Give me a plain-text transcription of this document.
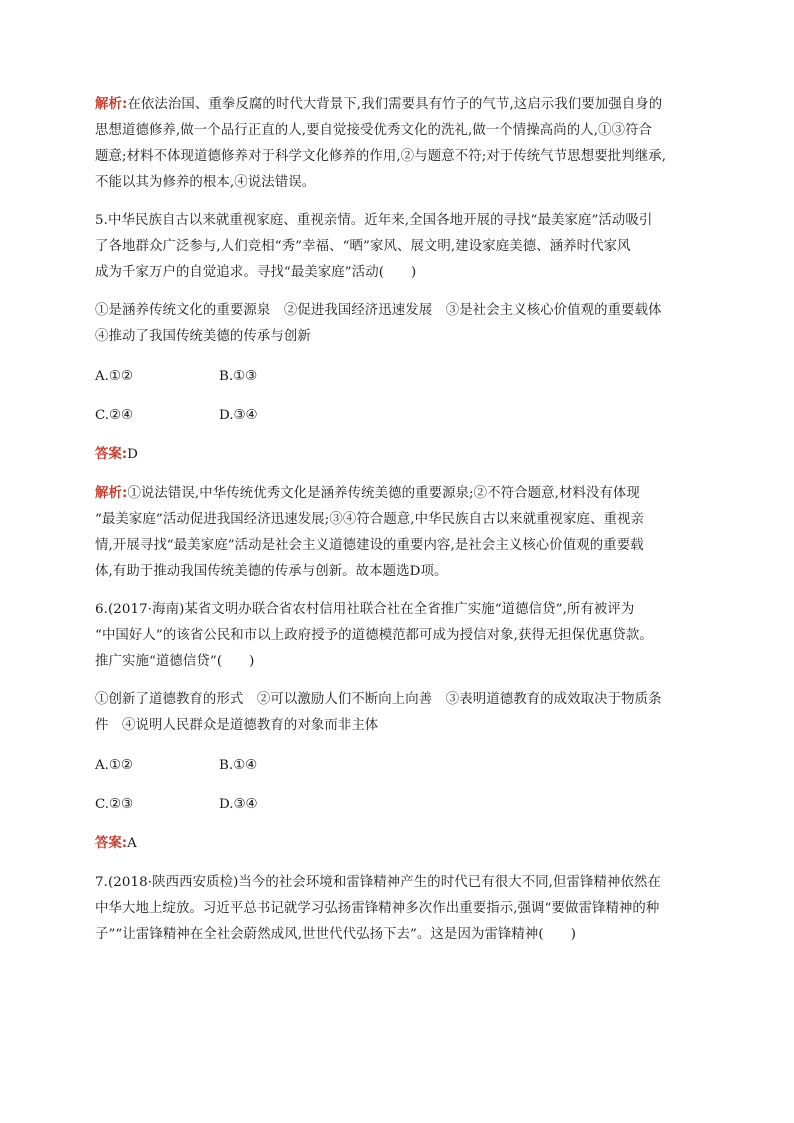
解析:在依法治国、重拳反腐的时代大背景下,我们需要具有竹子的气节,这启示我们要加强自身的

思想道德修养,做一个品行正直的人,要自觉接受优秀文化的洗礼,做一个情操高尚的人,①③符合

题意;材料不体现道德修养对于科学文化修养的作用,②与题意不符;对于传统气节思想要批判继承,

不能以其为修养的根本,④说法错误。

5.中华民族自古以来就重视家庭、重视亲情。近年来,全国各地开展的寻找“最美家庭”活动吸引

了各地群众广泛参与,人们竞相“秀”幸福、“晒”家风、展文明,建设家庭美德、涵养时代家风

成为千家万户的自觉追求。寻找“最美家庭”活动(　　)

①是涵养传统文化的重要源泉　②促进我国经济迅速发展　③是社会主义核心价值观的重要载体

④推动了我国传统美德的传承与创新

A.①②	B.①③
C.②④	D.③④

答案:D

解析:①说法错误,中华传统优秀文化是涵养传统美德的重要源泉;②不符合题意,材料没有体现

“最美家庭”活动促进我国经济迅速发展;③④符合题意,中华民族自古以来就重视家庭、重视亲

情,开展寻找“最美家庭”活动是社会主义道德建设的重要内容,是社会主义核心价值观的重要载

体,有助于推动我国传统美德的传承与创新。故本题选D项。

6.(2017·海南)某省文明办联合省农村信用社联合社在全省推广实施“道德信贷”,所有被评为

“中国好人”的该省公民和市以上政府授予的道德模范都可成为授信对象,获得无担保优惠贷款。

推广实施“道德信贷”(　　)

①创新了道德教育的形式　②可以激励人们不断向上向善　③表明道德教育的成效取决于物质条

件　④说明人民群众是道德教育的对象而非主体

A.①②	B.①④
C.②③	D.③④

答案:A

7.(2018·陕西西安质检)当今的社会环境和雷锋精神产生的时代已有很大不同,但雷锋精神依然在

中华大地上绽放。习近平总书记就学习弘扬雷锋精神多次作出重要指示,强调“要做雷锋精神的种

子”“让雷锋精神在全社会蔚然成风,世世代代弘扬下去”。这是因为雷锋精神(　　)
